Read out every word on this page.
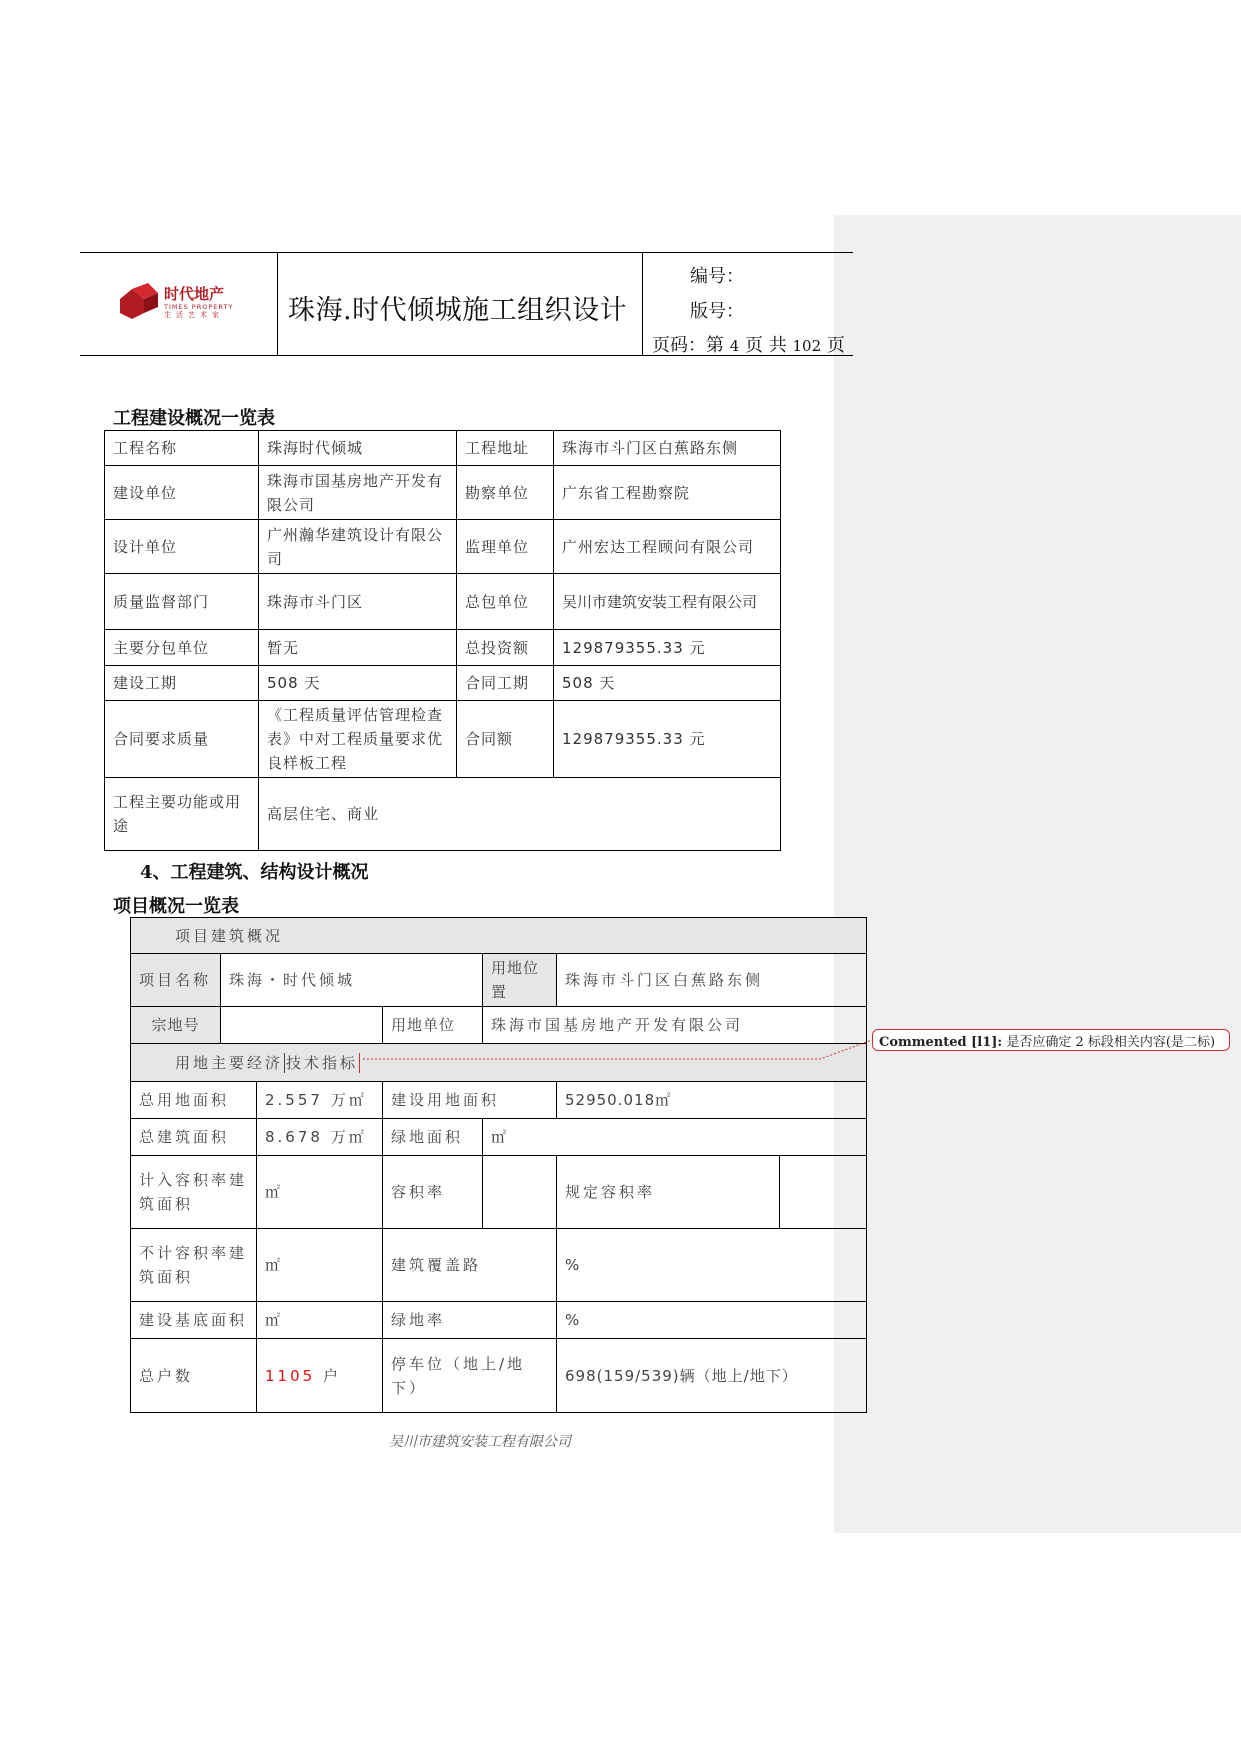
时代地产
TIMES PROPERTY
生活艺术家 珠海.时代倾城施工组织设计
编号：
版号：
页码：第 4 页 共 102 页
工程建设概况一览表
工程名称	珠海时代倾城	工程地址	珠海市斗门区白蕉路东侧
建设单位	珠海市国基房地产开发有限公司	勘察单位	广东省工程勘察院
设计单位	广州瀚华建筑设计有限公司	监理单位	广州宏达工程顾问有限公司
质量监督部门	珠海市斗门区	总包单位	吴川市建筑安装工程有限公司
主要分包单位	暂无	总投资额	129879355.33 元
建设工期	508 天	合同工期	508 天
合同要求质量	《工程质量评估管理检查表》中对工程质量要求优良样板工程	合同额	129879355.33 元
工程主要功能或用途	高层住宅、商业		
4、工程建筑、结构设计概况
项目概况一览表
项目建筑概况						
项目名称	珠海・时代倾城			用地位置	珠海市斗门区白蕉路东侧	
宗地号			用地单位	珠海市国基房地产开发有限公司		
用地主要经济 技术指标						
总用地面积		2.557 万㎡	建设用地面积		52950.018㎡	
总建筑面积		8.678 万㎡	绿地面积	㎡		
计入容积率建筑面积		㎡	容积率		规定容积率	
不计容积率建筑面积		㎡	建筑覆盖路		%	
建设基底面积		㎡	绿地率		%	
总户数		1105 户	停车位（地上/地下）		698(159/539)辆（地上/地下）	
Commented [l1]: 是否应确定 2 标段相关内容(是二标)
吴川市建筑安装工程有限公司
